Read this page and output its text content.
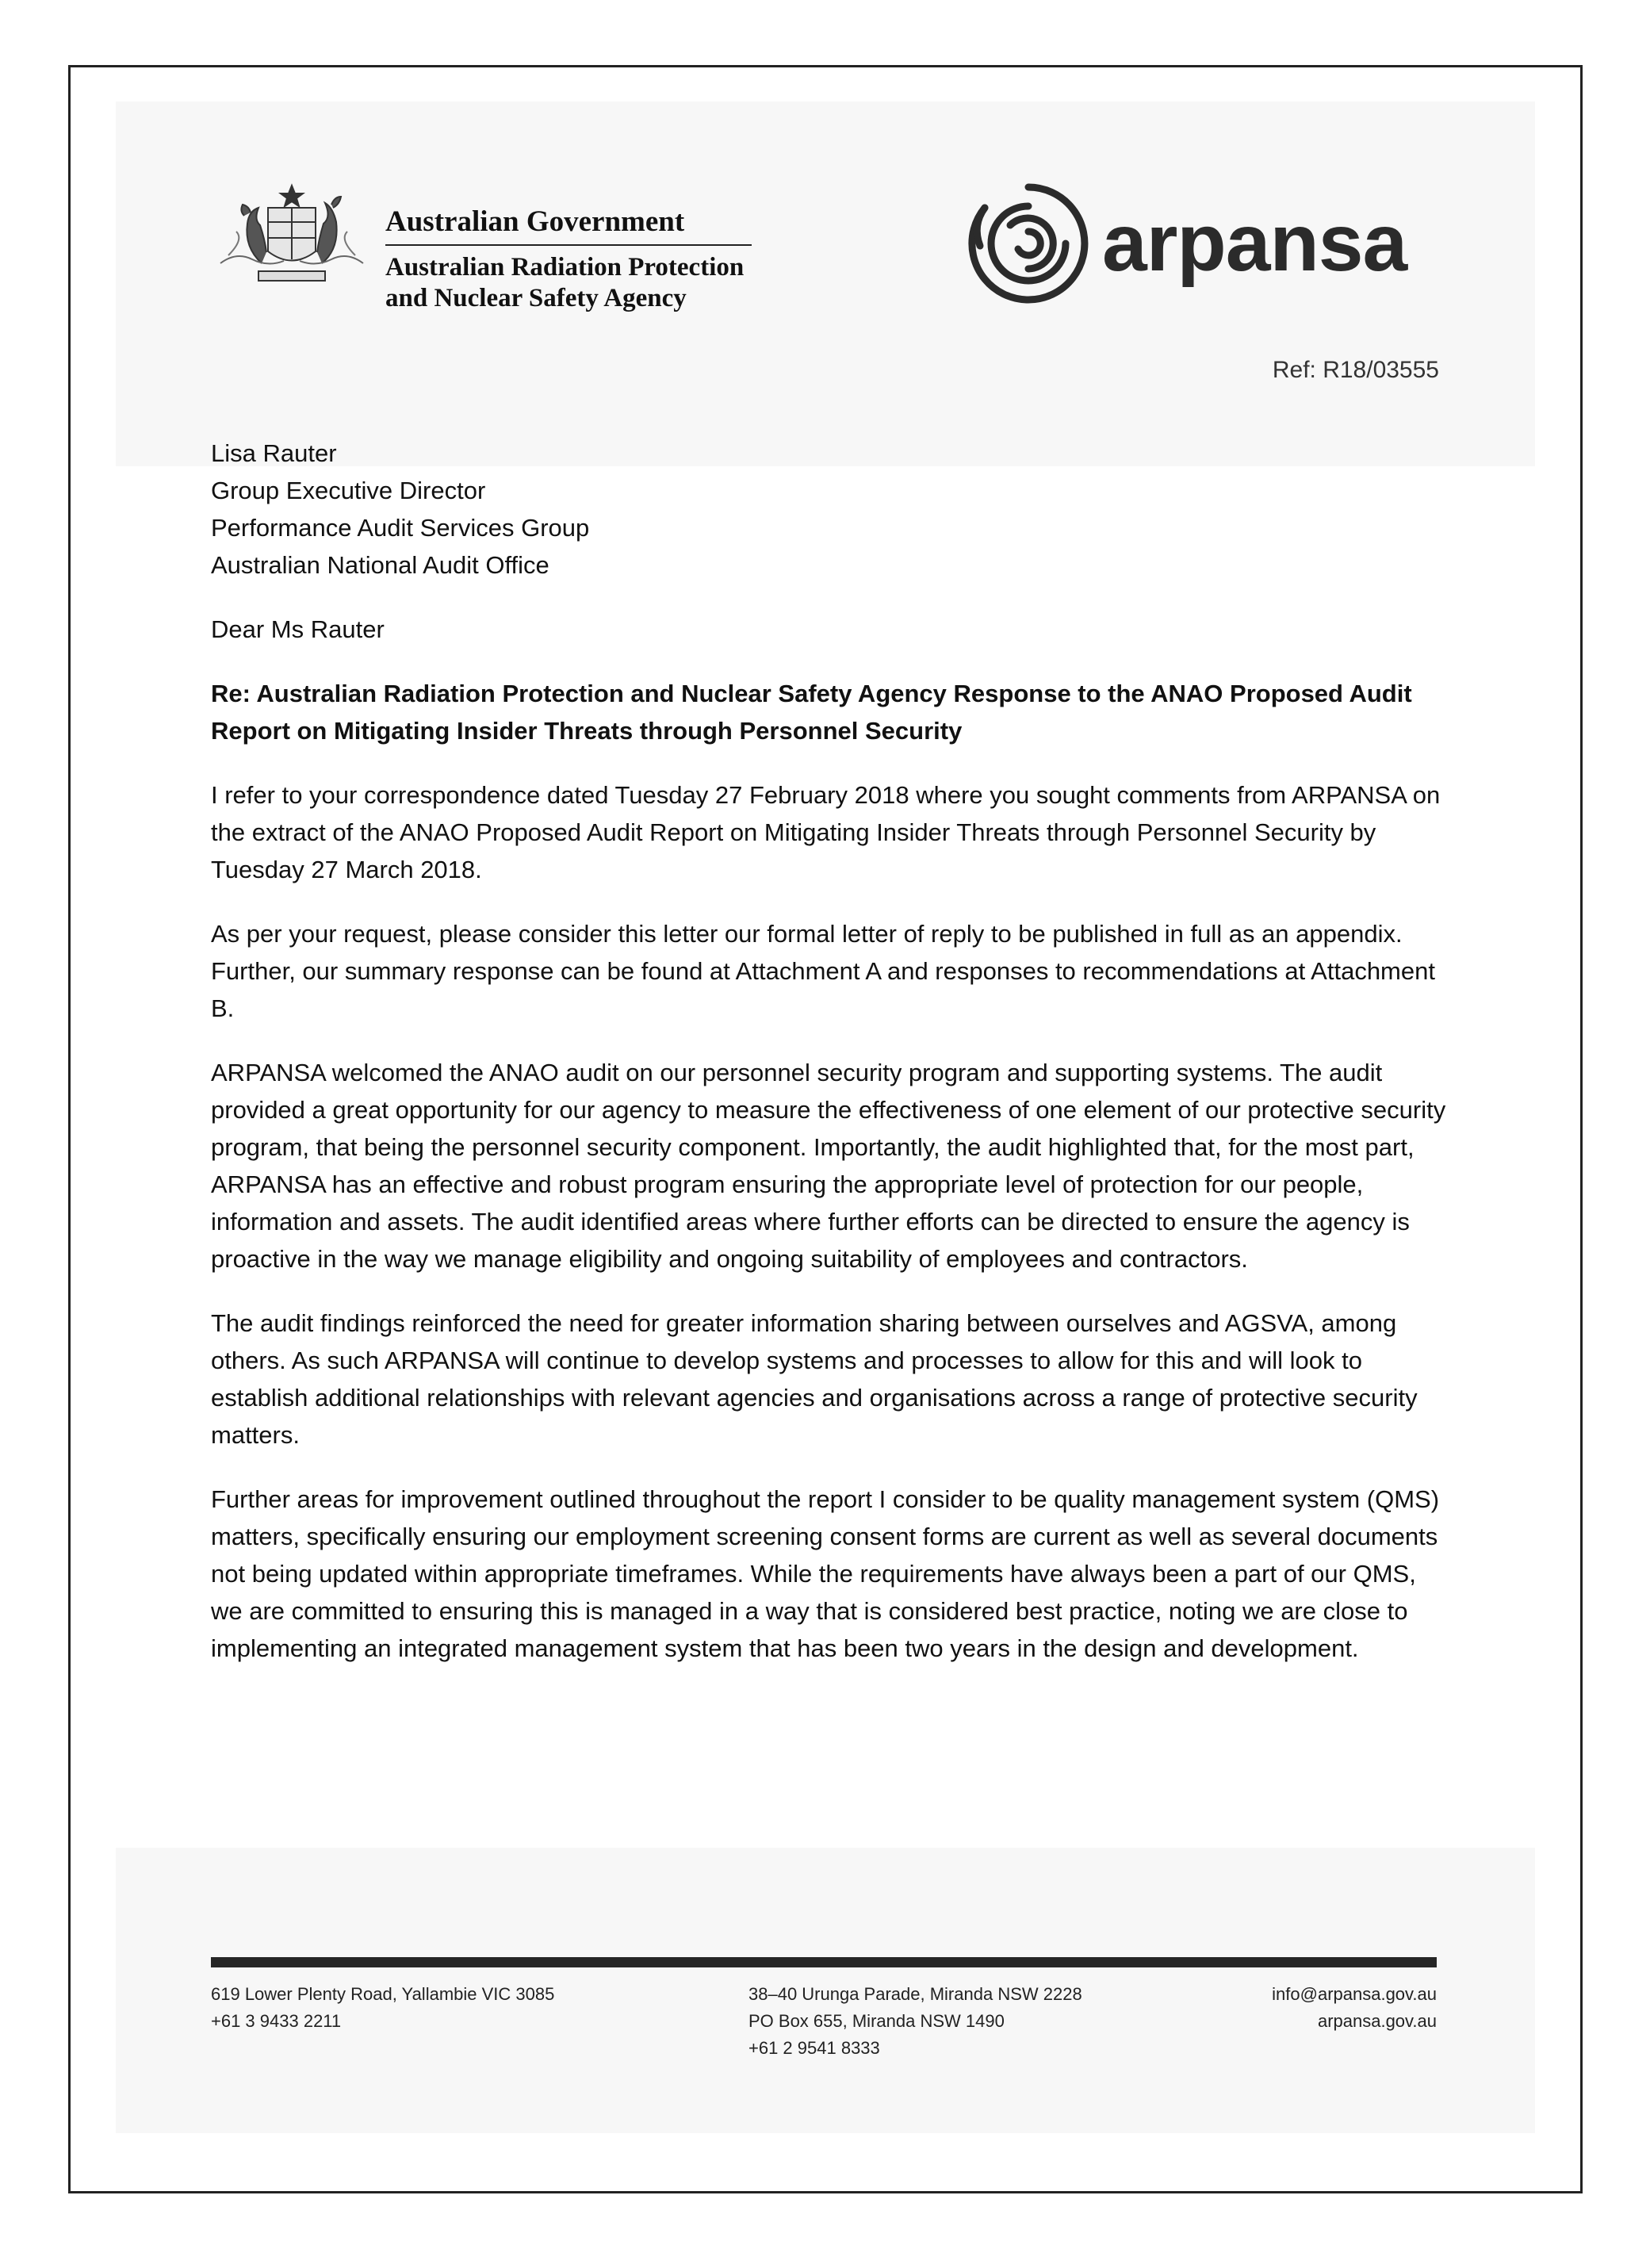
Australian Government
Australian Radiation Protection
and Nuclear Safety Agency
arpansa
Ref: R18/03555
Lisa Rauter
Group Executive Director
Performance Audit Services Group
Australian National Audit Office
Dear Ms Rauter
Re: Australian Radiation Protection and Nuclear Safety Agency Response to the ANAO Proposed Audit Report on Mitigating Insider Threats through Personnel Security

I refer to your correspondence dated Tuesday 27 February 2018 where you sought comments from ARPANSA on the extract of the ANAO Proposed Audit Report on Mitigating Insider Threats through Personnel Security by Tuesday 27 March 2018.

As per your request, please consider this letter our formal letter of reply to be published in full as an appendix. Further, our summary response can be found at Attachment A and responses to recommendations at Attachment B.

ARPANSA welcomed the ANAO audit on our personnel security program and supporting systems. The audit provided a great opportunity for our agency to measure the effectiveness of one element of our protective security program, that being the personnel security component. Importantly, the audit highlighted that, for the most part, ARPANSA has an effective and robust program ensuring the appropriate level of protection for our people, information and assets. The audit identified areas where further efforts can be directed to ensure the agency is proactive in the way we manage eligibility and ongoing suitability of employees and contractors.

The audit findings reinforced the need for greater information sharing between ourselves and AGSVA, among others. As such ARPANSA will continue to develop systems and processes to allow for this and will look to establish additional relationships with relevant agencies and organisations across a range of protective security matters.

Further areas for improvement outlined throughout the report I consider to be quality management system (QMS) matters, specifically ensuring our employment screening consent forms are current as well as several documents not being updated within appropriate timeframes. While the requirements have always been a part of our QMS, we are committed to ensuring this is managed in a way that is considered best practice, noting we are close to implementing an integrated management system that has been two years in the design and development.

619 Lower Plenty Road, Yallambie VIC 3085
+61 3 9433 2211
38–40 Urunga Parade, Miranda NSW 2228
PO Box 655, Miranda NSW 1490
+61 2 9541 8333
info@arpansa.gov.au
arpansa.gov.au
